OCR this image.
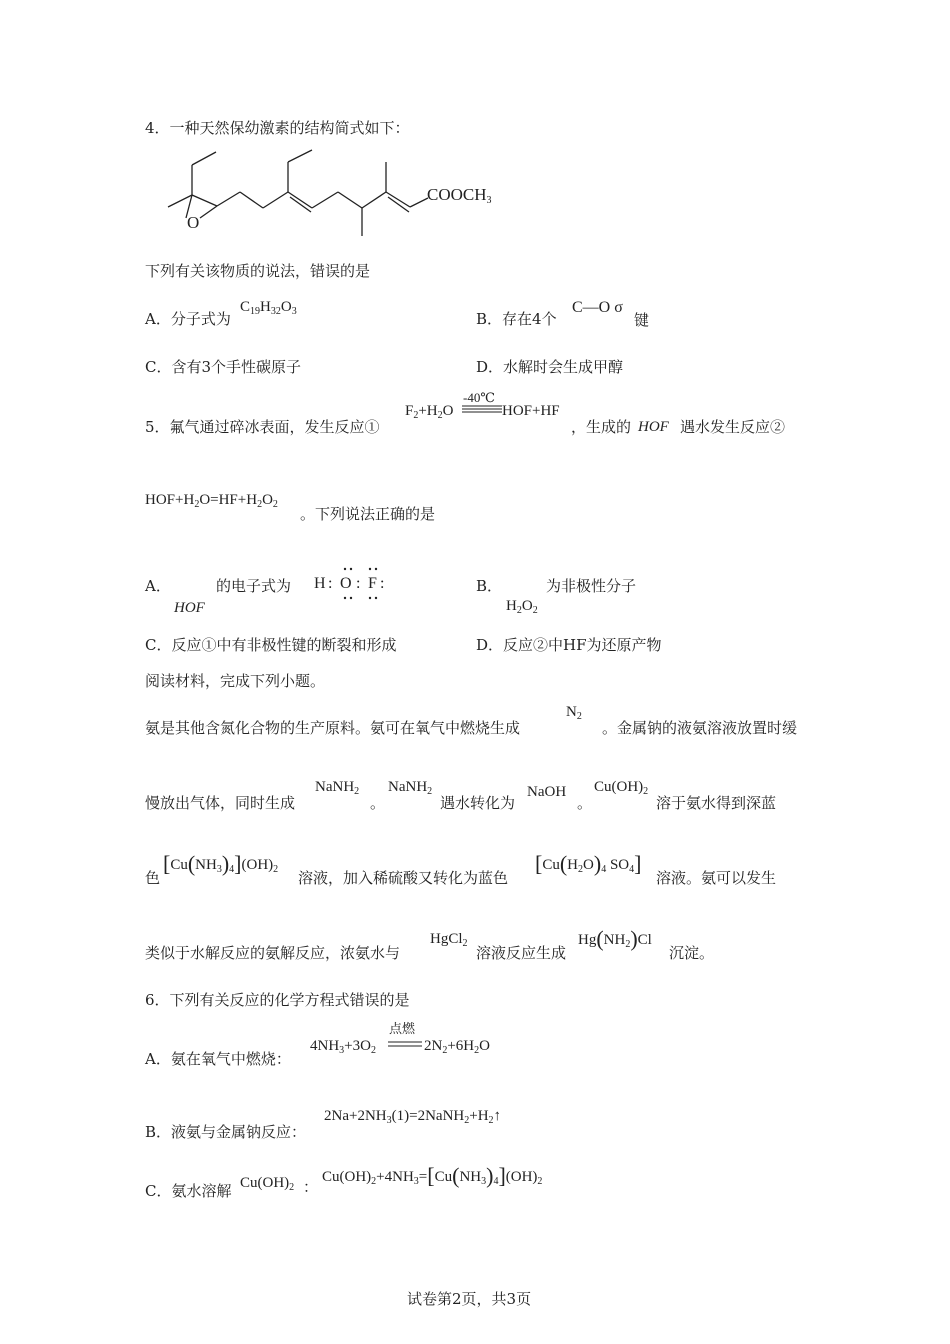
4．一种天然保幼激素的结构简式如下：
O
$COOCH_3$
下列有关该物质的说法，错误的是
A．分子式为
$C_{19}H_{32}O_3$	B．存在4个
C—O σ
键
C．含有3个手性碳原子	D．水解时会生成甲醇
5．氟气通过碎冰表面，发生反应①
$F_2+H_2O$
-40℃
HOF+HF
，生成的 HOF 遇水发生反应②
$HOF+H_2O=HF+H_2O_2$
。下列说法正确的是
A．
HOF
的电子式为 H : O : F :	B．
$H_2O_2$
为非极性分子
C．反应①中有非极性键的断裂和形成	D．反应②中HF为还原产物
阅读材料，完成下列小题。
氨是其他含氮化合物的生产原料。氨可在氧气中燃烧生成
$N_2$
。金属钠的液氨溶液放置时缓
慢放出气体，同时生成
NaNH$_2$
。
NaNH$_2$
遇水转化为
NaOH
。
$Cu(OH)_2$
溶于氨水得到深蓝
色
$[Cu(NH_3)_4](OH)_2$ 溶液，加入稀硫酸又转化为蓝色
[$Cu(H_2O)_4$ $SO_4$]
溶液。氨可以发生
类似于水解反应的氨解反应，浓氨水与
HgCl$_2$
溶液反应生成
$Hg(NH_2)Cl$
沉淀。
6．下列有关反应的化学方程式错误的是
A．氨在氧气中燃烧：
$4NH_3+3O_2$
点燃
$2N_2+6H_2O$
B．液氨与金属钠反应：
$2Na+2NH_3(1)=2NaNH_2+H_2↑$
C．氨水溶解 $Cu(OH)_2$ ：
$Cu(OH)_2+4NH_3=[Cu(NH_3)_4](OH)_2$
试卷第2页，共3页
